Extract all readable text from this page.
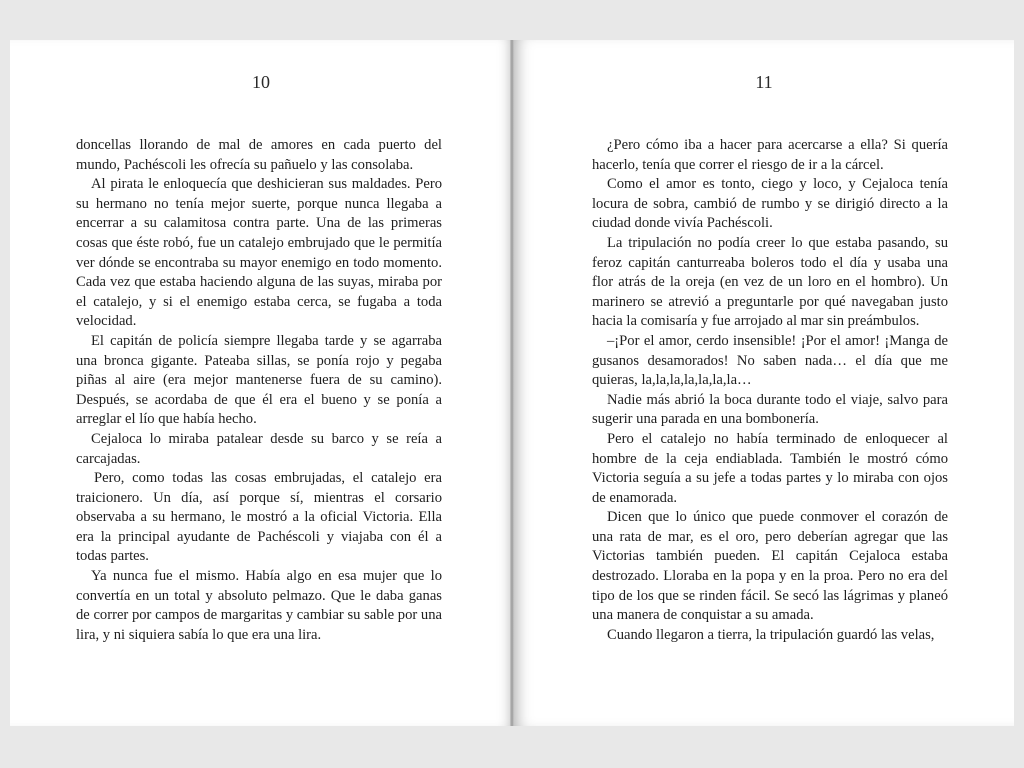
10

doncellas llorando de mal de amores en cada puerto del mundo, Pachéscoli les ofrecía su pañuelo y las consolaba.

Al pirata le enloquecía que deshicieran sus maldades. Pero su hermano no tenía mejor suerte, porque nunca llegaba a encerrar a su calamitosa contra parte. Una de las primeras cosas que éste robó, fue un catalejo embrujado que le permitía ver dónde se encontraba su mayor enemigo en todo momento. Cada vez que estaba haciendo alguna de las suyas, miraba por el catalejo, y si el enemigo estaba cerca, se fugaba a toda velocidad.

El capitán de policía siempre llegaba tarde y se agarraba una bronca gigante. Pateaba sillas, se ponía rojo y pegaba piñas al aire (era mejor mantenerse fuera de su camino). Después, se acordaba de que él era el bueno y se ponía a arreglar el lío que había hecho.

Cejaloca lo miraba patalear desde su barco y se reía a carcajadas.

Pero, como todas las cosas embrujadas, el catalejo era traicionero. Un día, así porque sí, mientras el corsario observaba a su hermano, le mostró a la oficial Victoria. Ella era la principal ayudante de Pachéscoli y viajaba con él a todas partes.

Ya nunca fue el mismo. Había algo en esa mujer que lo convertía en un total y absoluto pelmazo. Que le daba ganas de correr por campos de margaritas y cambiar su sable por una lira, y ni siquiera sabía lo que era una lira.

11

¿Pero cómo iba a hacer para acercarse a ella? Si quería hacerlo, tenía que correr el riesgo de ir a la cárcel.

Como el amor es tonto, ciego y loco, y Cejaloca tenía locura de sobra, cambió de rumbo y se dirigió directo a la ciudad donde vivía Pachéscoli.

La tripulación no podía creer lo que estaba pasando, su feroz capitán canturreaba boleros todo el día y usaba una flor atrás de la oreja (en vez de un loro en el hombro). Un marinero se atrevió a preguntarle por qué navegaban justo hacia la comisaría y fue arrojado al mar sin preámbulos.

–¡Por el amor, cerdo insensible! ¡Por el amor! ¡Manga de gusanos desamorados! No saben nada… el día que me quieras, la,la,la,la,la,la,la…

Nadie más abrió la boca durante todo el viaje, salvo para sugerir una parada en una bombonería.

Pero el catalejo no había terminado de enloquecer al hombre de la ceja endiablada. También le mostró cómo Victoria seguía a su jefe a todas partes y lo miraba con ojos de enamorada.

Dicen que lo único que puede conmover el corazón de una rata de mar, es el oro, pero deberían agregar que las Victorias también pueden. El capitán Cejaloca estaba destrozado. Lloraba en la popa y en la proa. Pero no era del tipo de los que se rinden fácil. Se secó las lágrimas y planeó una manera de conquistar a su amada.

Cuando llegaron a tierra, la tripulación guardó las velas,
